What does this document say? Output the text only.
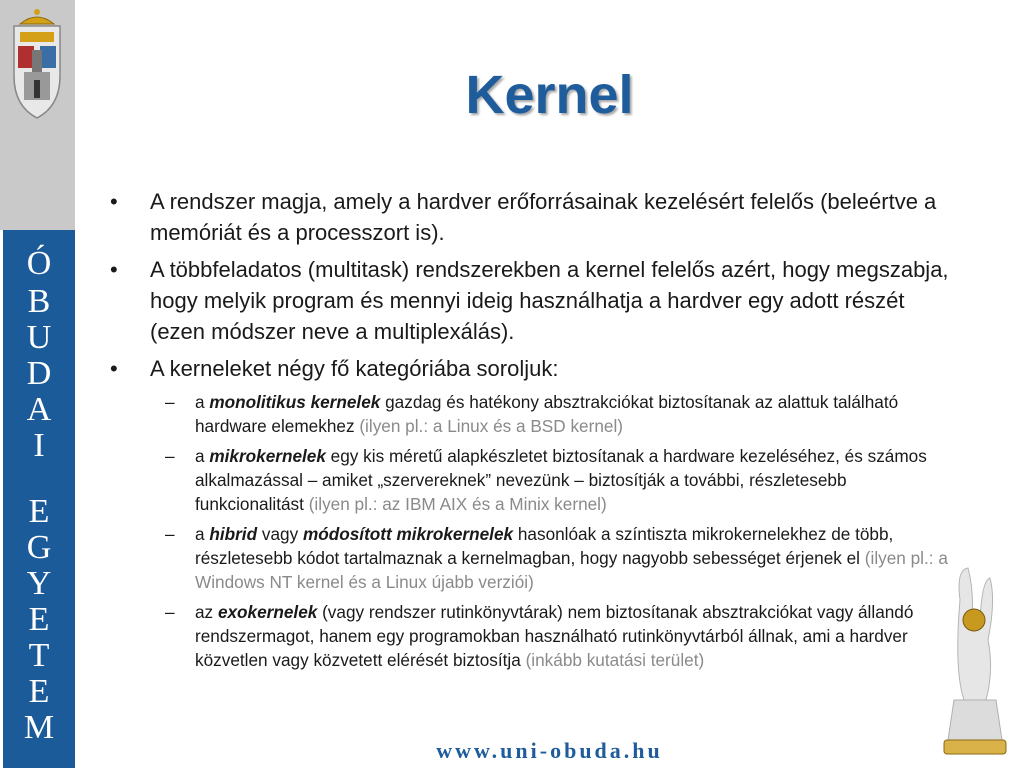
Ó
B
U
D
A
I
E
G
Y
E
T
E
M
Kernel
• A rendszer magja, amely a hardver erőforrásainak kezelésért felelős (beleértve a memóriát és a processzort is).
• A többfeladatos (multitask) rendszerekben a kernel felelős azért, hogy megszabja, hogy melyik program és mennyi ideig használhatja a hardver egy adott részét (ezen módszer neve a multiplexálás).
• A kerneleket négy fő kategóriába soroljuk:
– a monolitikus kernelek gazdag és hatékony absztrakciókat biztosítanak az alattuk található hardware elemekhez (ilyen pl.: a Linux és a BSD kernel)
– a mikrokernelek egy kis méretű alapkészletet biztosítanak a hardware kezeléséhez, és számos alkalmazással – amiket „szervereknek” nevezünk – biztosítják a további, részletesebb funkcionalitást (ilyen pl.: az IBM AIX és a Minix kernel)
– a hibrid vagy módosított mikrokernelek hasonlóak a színtiszta mikrokernelekhez de több, részletesebb kódot tartalmaznak a kernelmagban, hogy nagyobb sebességet érjenek el (ilyen pl.: a Windows NT kernel és a Linux újabb verziói)
– az exokernelek (vagy rendszer rutinkönyvtárak) nem biztosítanak absztrakciókat vagy állandó rendszermagot, hanem egy programokban használható rutinkönyvtárból állnak, ami a hardver közvetlen vagy közvetett elérését biztosítja (inkább kutatási terület)
www.uni-obuda.hu
